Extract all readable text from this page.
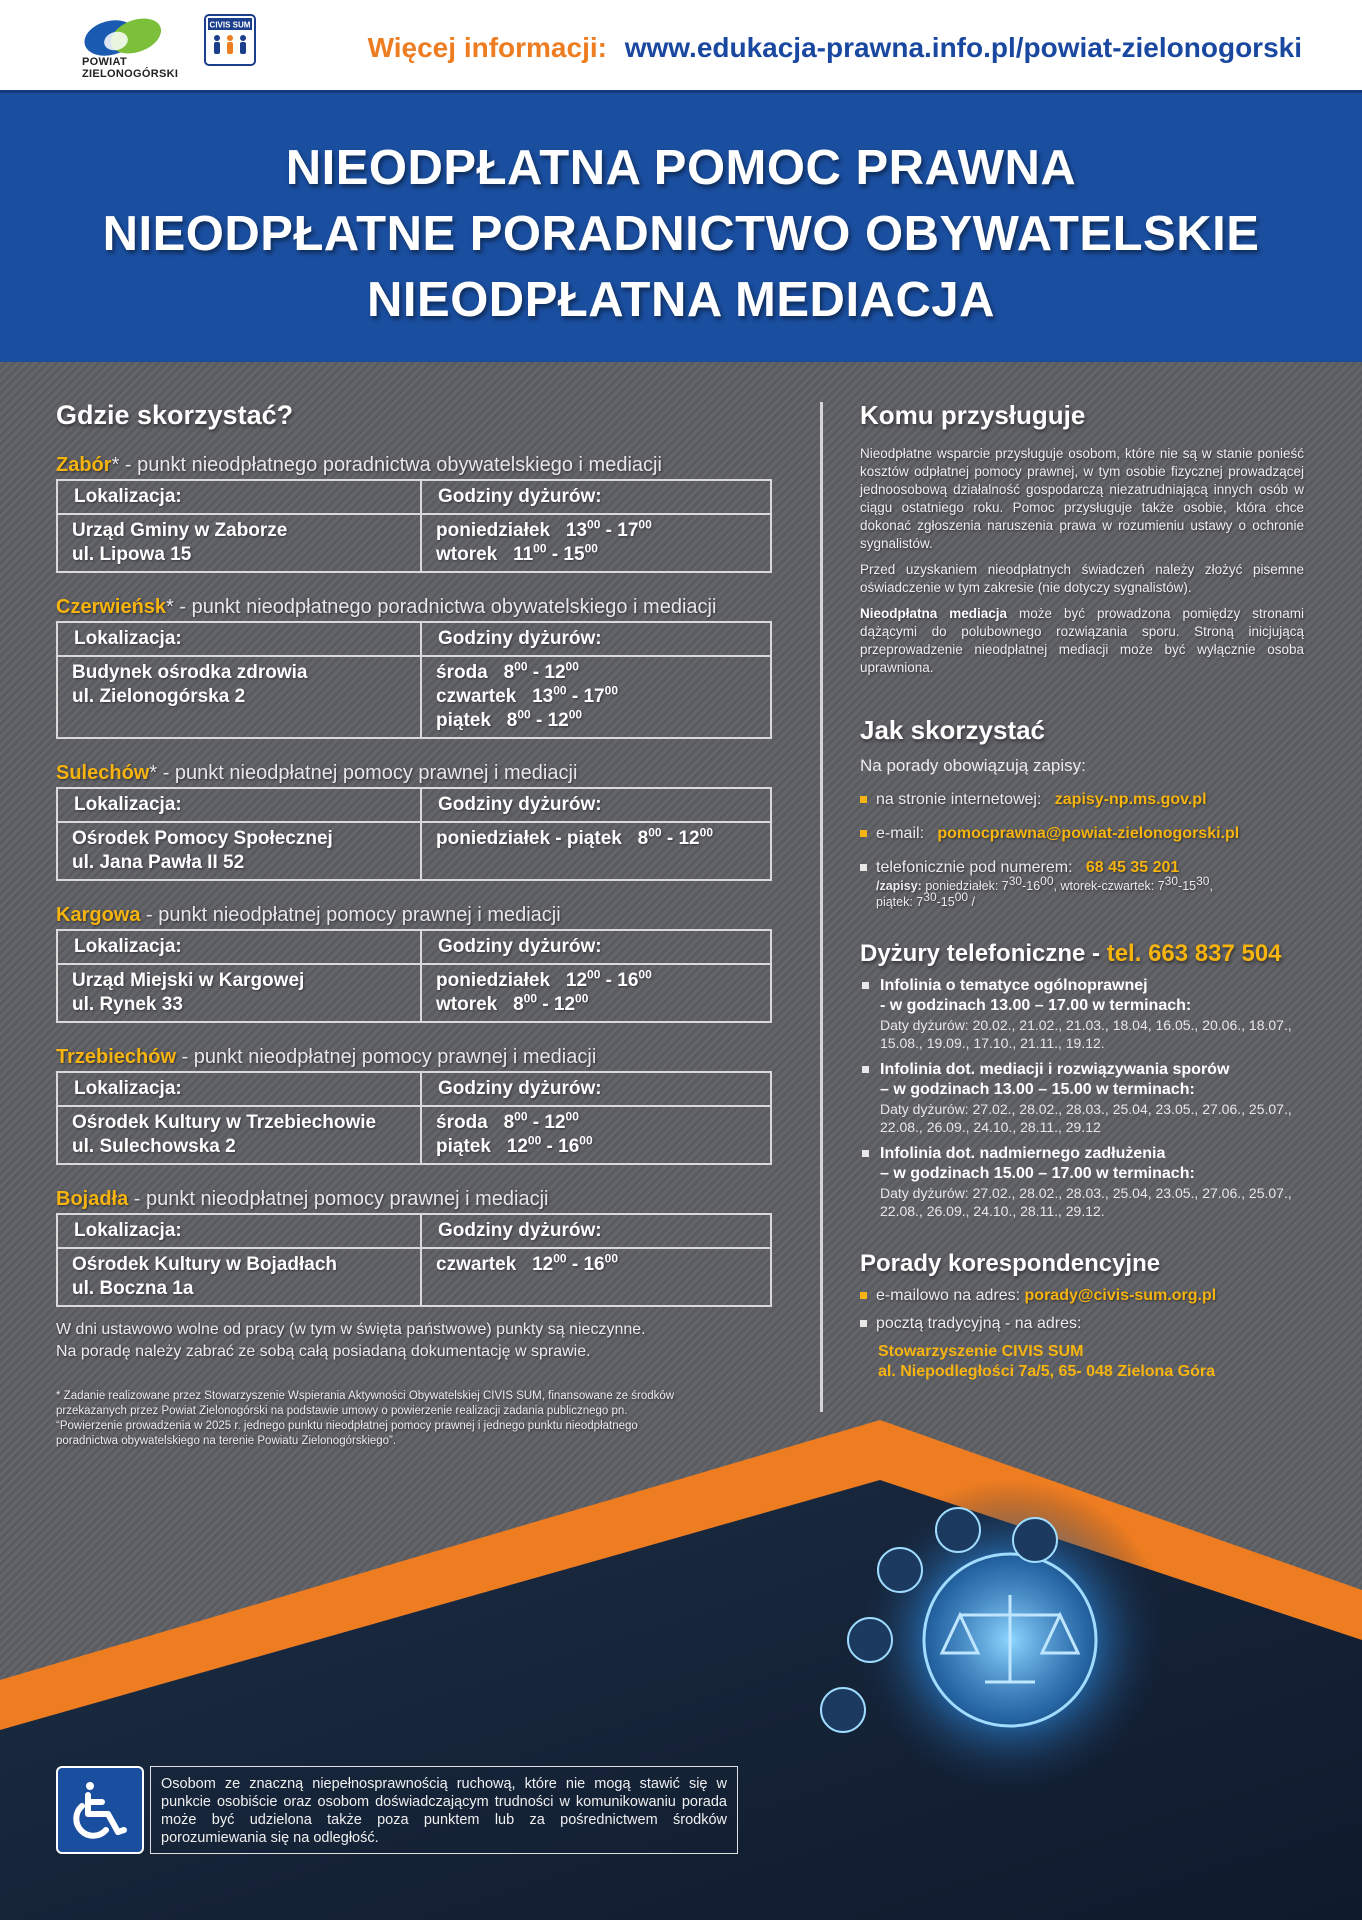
POWIAT
ZIELONOGÓRSKI
CIVIS SUM
Więcej informacji: www.edukacja-prawna.info.pl/powiat-zielonogorski
NIEODPŁATNA POMOC PRAWNA
NIEODPŁATNE PORADNICTWO OBYWATELSKIE
NIEODPŁATNA MEDIACJA
Gdzie skorzystać?
Zabór* - punkt nieodpłatnego poradnictwa obywatelskiego i mediacji
Lokalizacja:	Godziny dyżurów:

Urząd Gminy w Zaborze
ul. Lipowa 15	poniedziałek   $13^{00} - 17^{00}$
wtorek   $11^{00} - 15^{00}$
Czerwieńsk* - punkt nieodpłatnego poradnictwa obywatelskiego i mediacji
Lokalizacja:	Godziny dyżurów:

Budynek ośrodka zdrowia
ul. Zielonogórska 2	środa   $8^{00} - 12^{00}$
czwartek   $13^{00} - 17^{00}$
piątek   $8^{00} - 12^{00}$
Sulechów* - punkt nieodpłatnej pomocy prawnej i mediacji
Lokalizacja:	Godziny dyżurów:

Ośrodek Pomocy Społecznej
ul. Jana Pawła II 52	poniedziałek - piątek   $8^{00} - 12^{00}$
Kargowa - punkt nieodpłatnej pomocy prawnej i mediacji
Lokalizacja:	Godziny dyżurów:

Urząd Miejski w Kargowej
ul. Rynek 33	poniedziałek   $12^{00} - 16^{00}$
wtorek   $8^{00} - 12^{00}$
Trzebiechów - punkt nieodpłatnej pomocy prawnej i mediacji
Lokalizacja:	Godziny dyżurów:

Ośrodek Kultury w Trzebiechowie
ul. Sulechowska 2	środa   $8^{00} - 12^{00}$
piątek   $12^{00} - 16^{00}$
Bojadła - punkt nieodpłatnej pomocy prawnej i mediacji
Lokalizacja:	Godziny dyżurów:

Ośrodek Kultury w Bojadłach
ul. Boczna 1a	czwartek   $12^{00} - 16^{00}$
W dni ustawowo wolne od pracy (w tym w święta państwowe) punkty są nieczynne.
Na poradę należy zabrać ze sobą całą posiadaną dokumentację w sprawie.
* Zadanie realizowane przez Stowarzyszenie Wspierania Aktywności Obywatelskiej CIVIS SUM, finansowane ze środków przekazanych przez Powiat Zielonogórski na podstawie umowy o powierzenie realizacji zadania publicznego pn. “Powierzenie prowadzenia w 2025 r. jednego punktu nieodpłatnej pomocy prawnej i jednego punktu nieodpłatnego poradnictwa obywatelskiego na terenie Powiatu Zielonogórskiego”.
Komu przysługuje

Nieodpłatne wsparcie przysługuje osobom, które nie są w stanie ponieść kosztów odpłatnej pomocy prawnej, w tym osobie fizycznej prowadzącej jednoosobową działalność gospodarczą niezatrudniającą innych osób w ciągu ostatniego roku. Pomoc przysługuje także osobie, która chce dokonać zgłoszenia naruszenia prawa w rozumieniu ustawy o ochronie sygnalistów.

Przed uzyskaniem nieodpłatnych świadczeń należy złożyć pisemne oświadczenie w tym zakresie (nie dotyczy sygnalistów).

Nieodpłatna mediacja może być prowadzona pomiędzy stronami dążącymi do polubownego rozwiązania sporu. Stroną inicjującą przeprowadzenie nieodpłatnej mediacji może być wyłącznie osoba uprawniona.

Jak skorzystać
Na porady obowiązują zapisy:
na stronie internetowej: zapisy-np.ms.gov.pl
e-mail: pomocprawna@powiat-zielonogorski.pl
telefonicznie pod numerem: 68 45 35 201
/zapisy: poniedziałek: $7^{30}-16^{00}$, wtorek-czwartek: $7^{30}-15^{30}$,
piątek: $7^{30}-15^{00}$ /
Dyżury telefoniczne - tel. 663 837 504
Infolinia o tematyce ogólnoprawnej
- w godzinach 13.00 – 17.00 w terminach:
Daty dyżurów: 20.02., 21.02., 21.03., 18.04, 16.05., 20.06., 18.07., 15.08., 19.09., 17.10., 21.11., 19.12.
Infolinia dot. mediacji i rozwiązywania sporów
– w godzinach 13.00 – 15.00 w terminach:
Daty dyżurów: 27.02., 28.02., 28.03., 25.04, 23.05., 27.06., 25.07., 22.08., 26.09., 24.10., 28.11., 29.12
Infolinia dot. nadmiernego zadłużenia
– w godzinach 15.00 – 17.00 w terminach:
Daty dyżurów: 27.02., 28.02., 28.03., 25.04, 23.05., 27.06., 25.07., 22.08., 26.09., 24.10., 28.11., 29.12.
Porady korespondencyjne
e-mailowo na adres: porady@civis-sum.org.pl
pocztą tradycyjną - na adres:
Stowarzyszenie CIVIS SUM
al. Niepodległości 7a/5, 65- 048 Zielona Góra
Osobom ze znaczną niepełnosprawnością ruchową, które nie mogą stawić się w punkcie osobiście oraz osobom doświadczającym trudności w komunikowaniu porada może być udzielona także poza punktem lub za pośrednictwem środków porozumiewania się na odległość.
